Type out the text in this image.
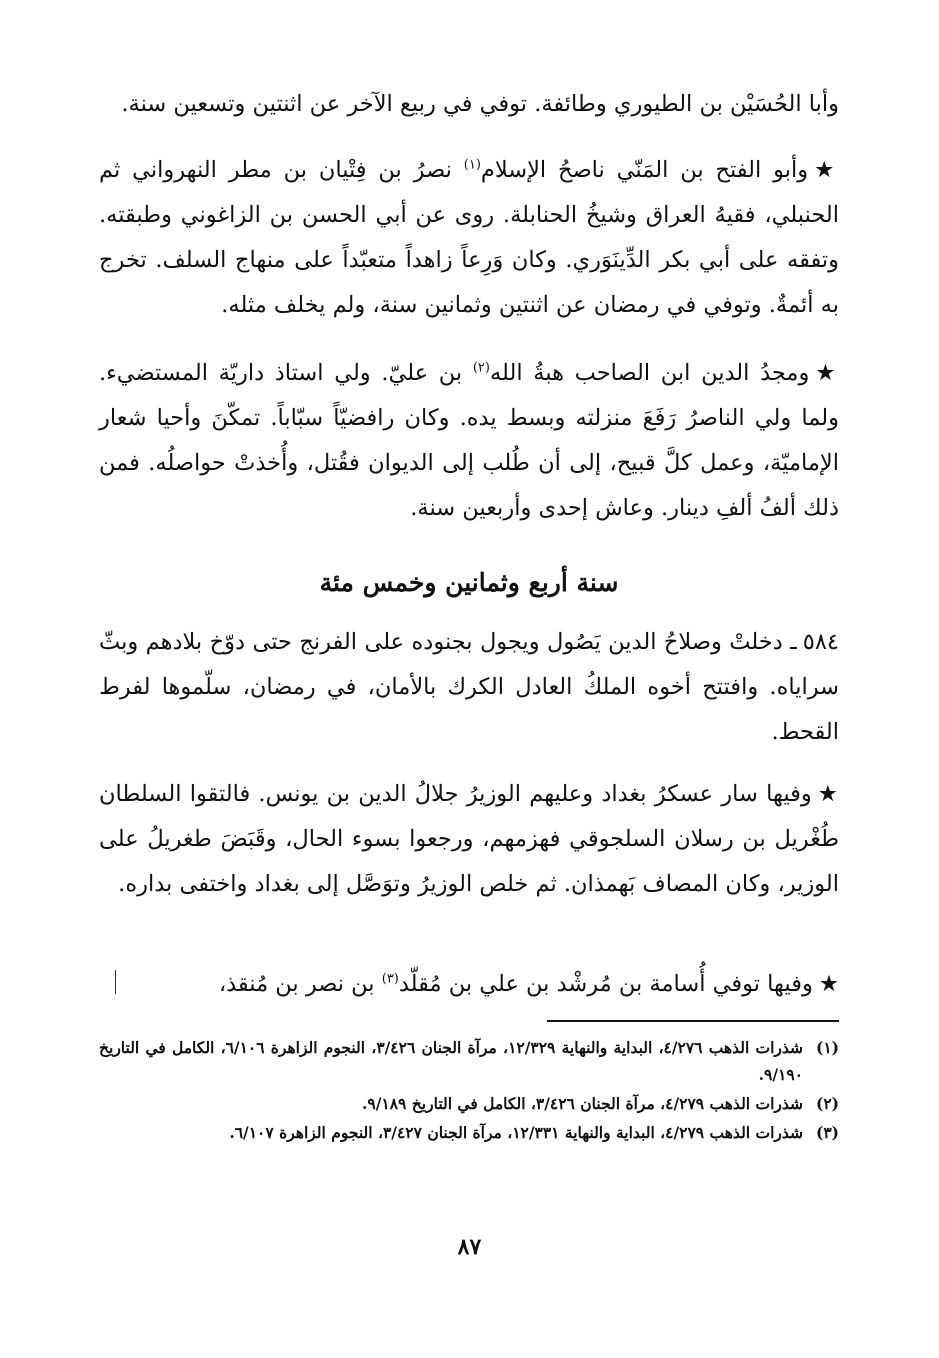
وأبا الحُسَيْن بن الطيوري وطائفة. توفي في ربيع الآخر عن اثنتين وتسعين سنة.

★وأبو الفتح بن المَنّي ناصحُ الإسلام$^{(١)}$ نصرُ بن فِتْيان بن مطر النهرواني ثم الحنبلي، فقيهُ العراق وشيخُ الحنابلة. روى عن أبي الحسن بن الزاغوني وطبقته. وتفقه على أبي بكر الدِّينَوَري. وكان وَرِعاً زاهداً متعبّداً على منهاج السلف. تخرج به أئمةٌ. وتوفي في رمضان عن اثنتين وثمانين سنة، ولم يخلف مثله.

★ومجدُ الدين ابن الصاحب هبةُ الله$^{(٢)}$ بن عليّ. ولي استاذ داريّة المستضيء. ولما ولي الناصرُ رَفَعَ منزلته وبسط يده. وكان رافضيّاً سبّاباً. تمكّنَ وأحيا شعار الإماميّة، وعمل كلَّ قبيح، إلى أن طُلب إلى الديوان فقُتل، وأُخذتْ حواصلُه. فمن ذلك ألفُ ألفِ دينار. وعاش إحدى وأربعين سنة.

سنة أربع وثمانين وخمس مئة

٥٨٤ـ دخلتْ وصلاحُ الدين يَصُول ويجول بجنوده على الفرنج حتى دوّخ بلادهم وبثّ سراياه. وافتتح أخوه الملكُ العادل الكرك بالأمان، في رمضان، سلّموها لفرط القحط.

★وفيها سار عسكرُ بغداد وعليهم الوزيرُ جلالُ الدين بن يونس. فالتقوا السلطان طُغْريل بن رسلان السلجوقي فهزمهم، ورجعوا بسوء الحال، وقَبَضَ طغريلُ على الوزير، وكان المصاف بَهمذان. ثم خلص الوزيرُ وتوَصَّل إلى بغداد واختفى بداره.

★وفيها توفي أُسامة بن مُرشْد بن علي بن مُقلّد$^{(٣)}$ بن نصر بن مُنقذ،

(١)
شذرات الذهب ٤/٢٧٦، البداية والنهاية ١٢/٣٢٩، مرآة الجنان ٣/٤٢٦، النجوم الزاهرة ٦/١٠٦، الكامل في التاريخ ٩/١٩٠.
(٢)
شذرات الذهب ٤/٢٧٩، مرآة الجنان ٣/٤٢٦، الكامل في التاريخ ٩/١٨٩.
(٣)
شذرات الذهب ٤/٢٧٩، البداية والنهاية ١٢/٣٣١، مرآة الجنان ٣/٤٢٧، النجوم الزاهرة ٦/١٠٧.
٨٧
